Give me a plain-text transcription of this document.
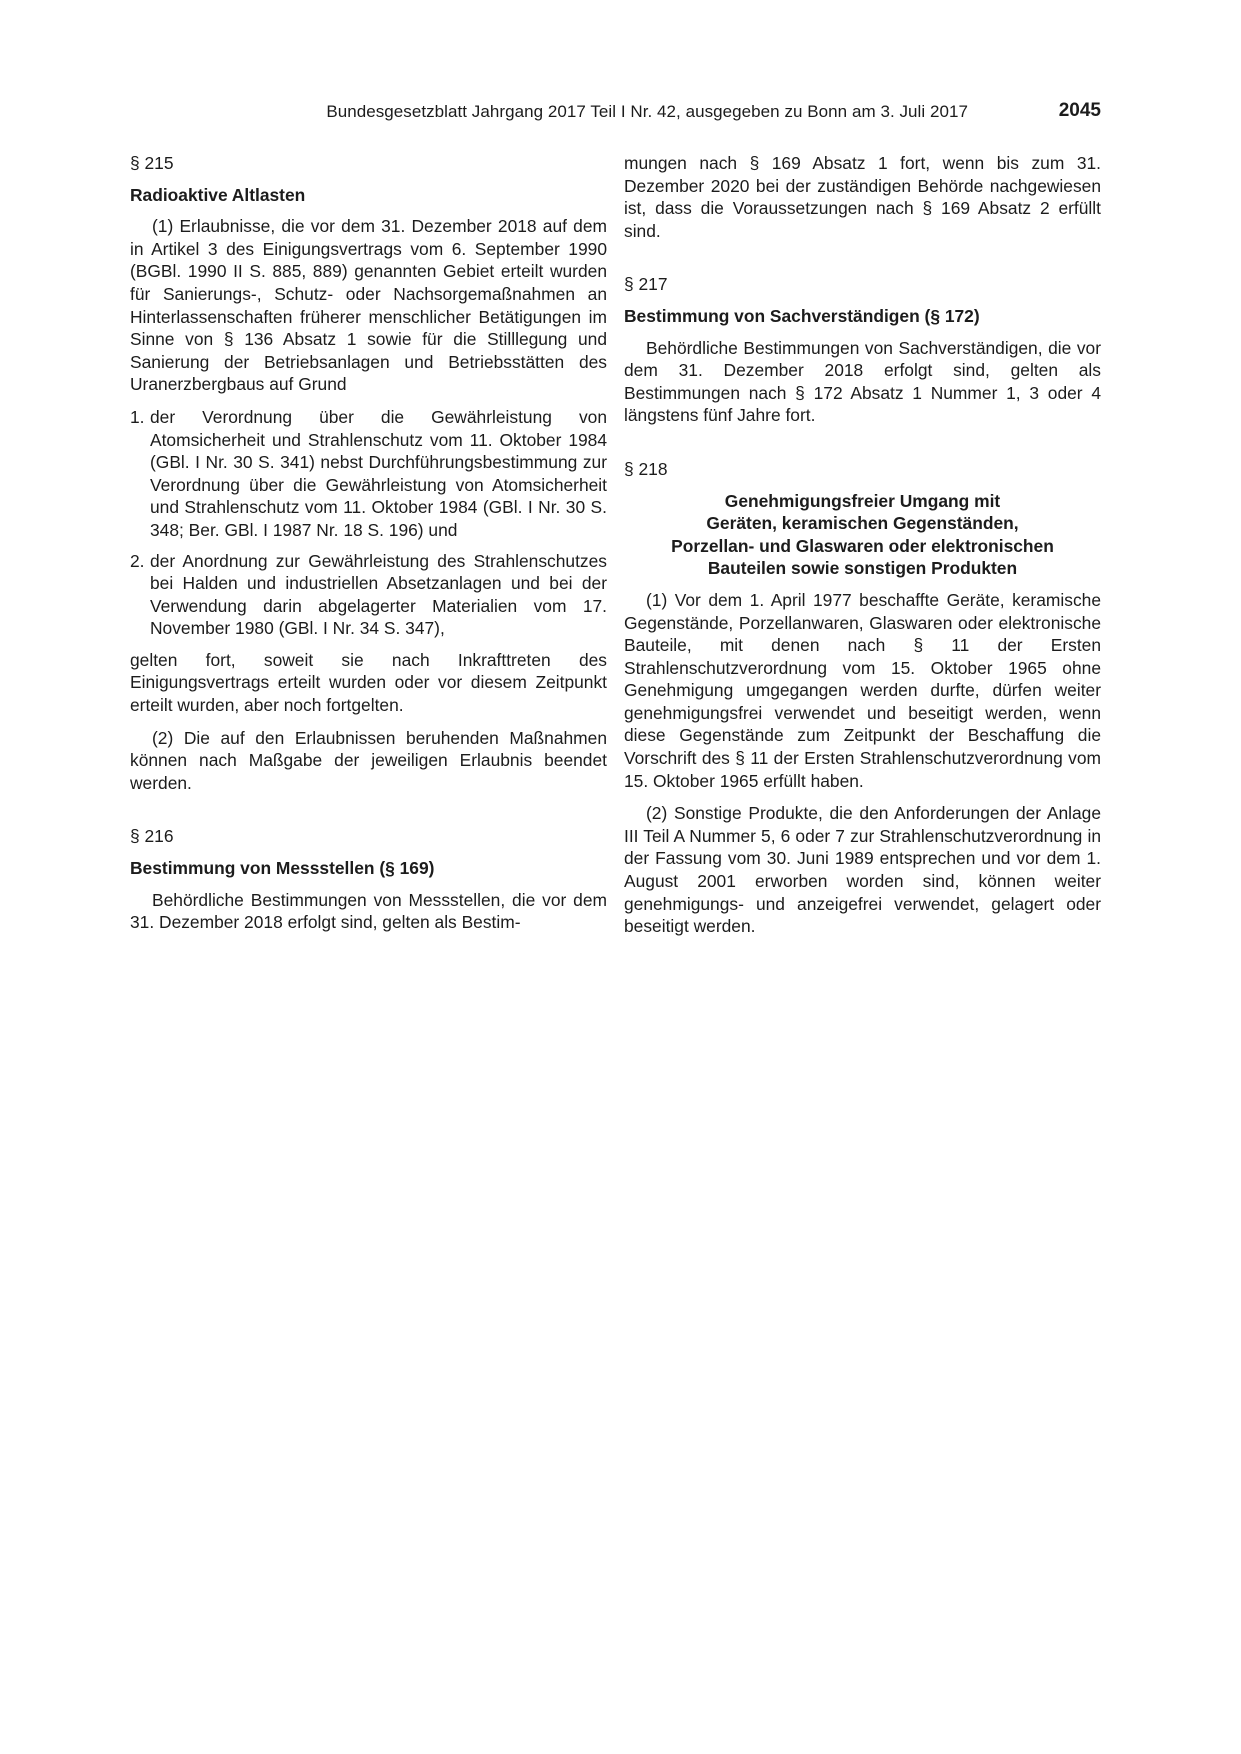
Bundesgesetzblatt Jahrgang 2017 Teil I Nr. 42, ausgegeben zu Bonn am 3. Juli 2017	2045

§ 215

Radioaktive Altlasten

(1) Erlaubnisse, die vor dem 31. Dezember 2018 auf dem in Artikel 3 des Einigungsvertrags vom 6. September 1990 (BGBl. 1990 II S. 885, 889) genannten Gebiet erteilt wurden für Sanierungs-, Schutz- oder Nachsorgemaßnahmen an Hinterlassenschaften früherer menschlicher Betätigungen im Sinne von § 136 Absatz 1 sowie für die Stilllegung und Sanierung der Betriebsanlagen und Betriebsstätten des Uranerzbergbaus auf Grund

1. der Verordnung über die Gewährleistung von Atomsicherheit und Strahlenschutz vom 11. Oktober 1984 (GBl. I Nr. 30 S. 341) nebst Durchführungsbestimmung zur Verordnung über die Gewährleistung von Atomsicherheit und Strahlenschutz vom 11. Oktober 1984 (GBl. I Nr. 30 S. 348; Ber. GBl. I 1987 Nr. 18 S. 196) und
2. der Anordnung zur Gewährleistung des Strahlenschutzes bei Halden und industriellen Absetzanlagen und bei der Verwendung darin abgelagerter Materialien vom 17. November 1980 (GBl. I Nr. 34 S. 347),

gelten fort, soweit sie nach Inkrafttreten des Einigungsvertrags erteilt wurden oder vor diesem Zeitpunkt erteilt wurden, aber noch fortgelten.

(2) Die auf den Erlaubnissen beruhenden Maßnahmen können nach Maßgabe der jeweiligen Erlaubnis beendet werden.

§ 216

Bestimmung von Messstellen (§ 169)

Behördliche Bestimmungen von Messstellen, die vor dem 31. Dezember 2018 erfolgt sind, gelten als Bestim-

mungen nach § 169 Absatz 1 fort, wenn bis zum 31. Dezember 2020 bei der zuständigen Behörde nachgewiesen ist, dass die Voraussetzungen nach § 169 Absatz 2 erfüllt sind.

§ 217

Bestimmung von Sachverständigen (§ 172)

Behördliche Bestimmungen von Sachverständigen, die vor dem 31. Dezember 2018 erfolgt sind, gelten als Bestimmungen nach § 172 Absatz 1 Nummer 1, 3 oder 4 längstens fünf Jahre fort.

§ 218

Genehmigungsfreier Umgang mit
Geräten, keramischen Gegenständen,
Porzellan- und Glaswaren oder elektronischen
Bauteilen sowie sonstigen Produkten

(1) Vor dem 1. April 1977 beschaffte Geräte, keramische Gegenstände, Porzellanwaren, Glaswaren oder elektronische Bauteile, mit denen nach § 11 der Ersten Strahlenschutzverordnung vom 15. Oktober 1965 ohne Genehmigung umgegangen werden durfte, dürfen weiter genehmigungsfrei verwendet und beseitigt werden, wenn diese Gegenstände zum Zeitpunkt der Beschaffung die Vorschrift des § 11 der Ersten Strahlenschutzverordnung vom 15. Oktober 1965 erfüllt haben.

(2) Sonstige Produkte, die den Anforderungen der Anlage III Teil A Nummer 5, 6 oder 7 zur Strahlenschutzverordnung in der Fassung vom 30. Juni 1989 entsprechen und vor dem 1. August 2001 erworben worden sind, können weiter genehmigungs- und anzeigefrei verwendet, gelagert oder beseitigt werden.
